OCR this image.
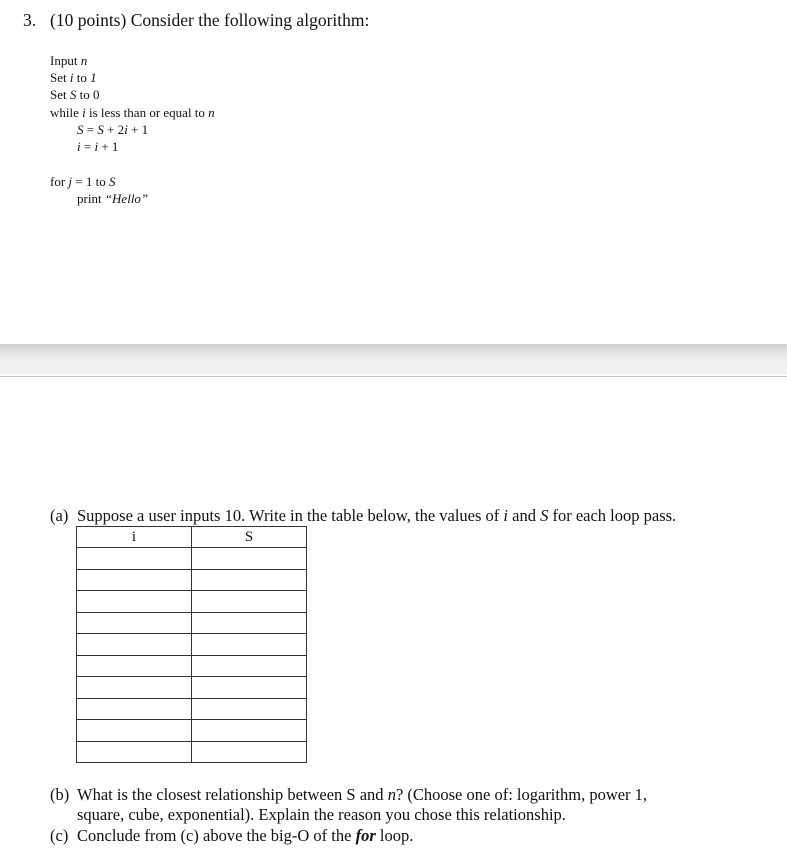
3. (10 points) Consider the following algorithm:
Input n
Set i to 1
Set S to 0
while i is less than or equal to n
S = S + 2i + 1
i = i + 1
for j = 1 to S
print “Hello”
(a) Suppose a user inputs 10. Write in the table below, the values of i and S for each loop pass.
i	S

(b) What is the closest relationship between S and n? (Choose one of: logarithm, power 1,
square, cube, exponential). Explain the reason you chose this relationship.
(c) Conclude from (c) above the big-O of the for loop.
